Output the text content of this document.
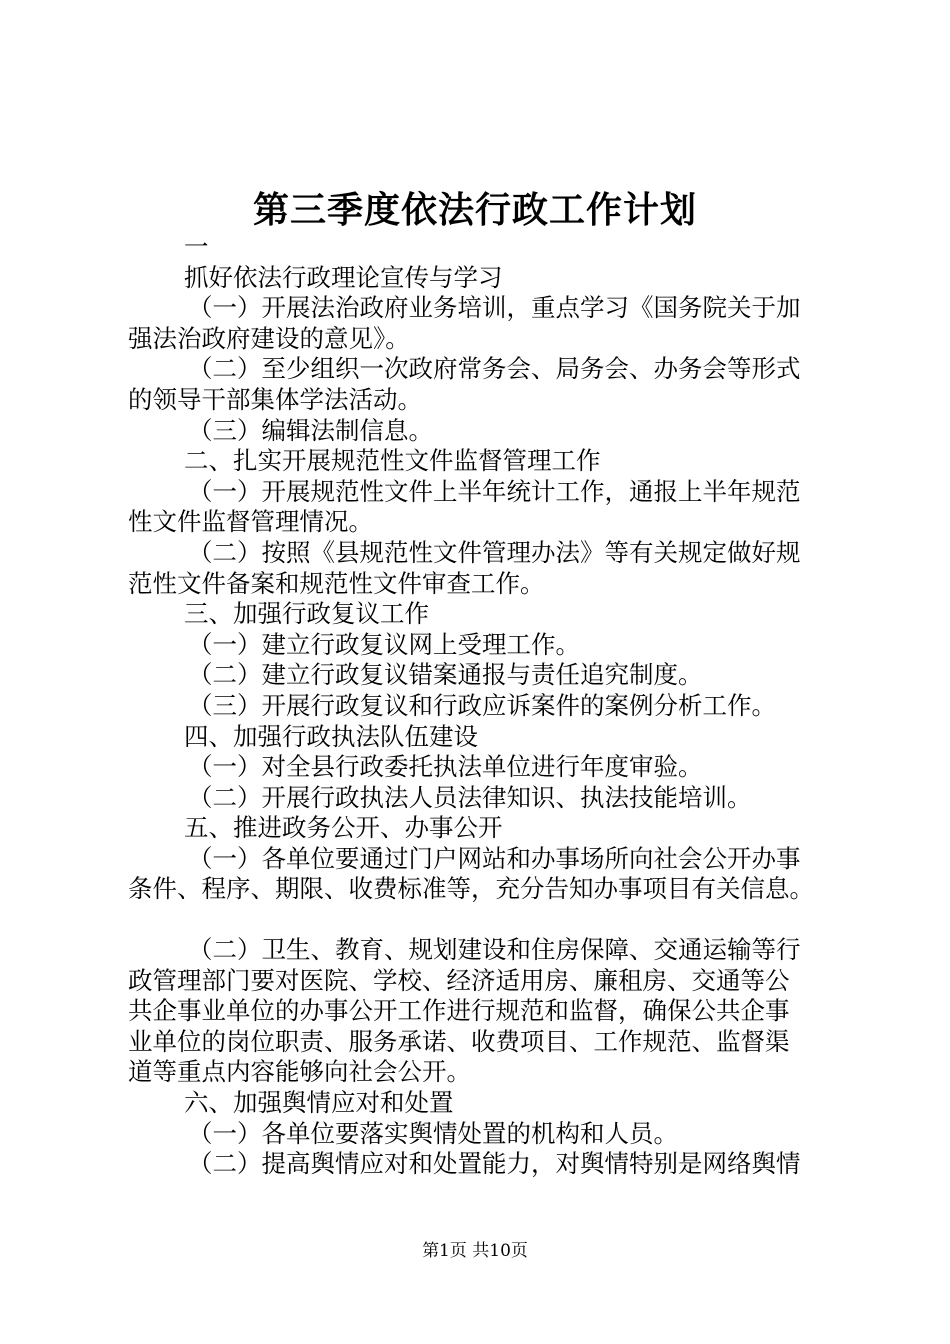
第三季度依法行政工作计划

一

抓好依法行政理论宣传与学习

（一）开展法治政府业务培训，重点学习《国务院关于加

强法治政府建设的意见》。

（二）至少组织一次政府常务会、局务会、办务会等形式

的领导干部集体学法活动。

（三）编辑法制信息。

二、扎实开展规范性文件监督管理工作

（一）开展规范性文件上半年统计工作，通报上半年规范

性文件监督管理情况。

（二）按照《县规范性文件管理办法》等有关规定做好规

范性文件备案和规范性文件审查工作。

三、加强行政复议工作

（一）建立行政复议网上受理工作。

（二）建立行政复议错案通报与责任追究制度。

（三）开展行政复议和行政应诉案件的案例分析工作。

四、加强行政执法队伍建设

（一）对全县行政委托执法单位进行年度审验。

（二）开展行政执法人员法律知识、执法技能培训。

五、推进政务公开、办事公开

（一）各单位要通过门户网站和办事场所向社会公开办事

条件、程序、期限、收费标准等，充分告知办事项目有关信息。

（二）卫生、教育、规划建设和住房保障、交通运输等行

政管理部门要对医院、学校、经济适用房、廉租房、交通等公

共企事业单位的办事公开工作进行规范和监督，确保公共企事

业单位的岗位职责、服务承诺、收费项目、工作规范、监督渠

道等重点内容能够向社会公开。

六、加强舆情应对和处置

（一）各单位要落实舆情处置的机构和人员。

（二）提高舆情应对和处置能力，对舆情特别是网络舆情

第1页 共10页
